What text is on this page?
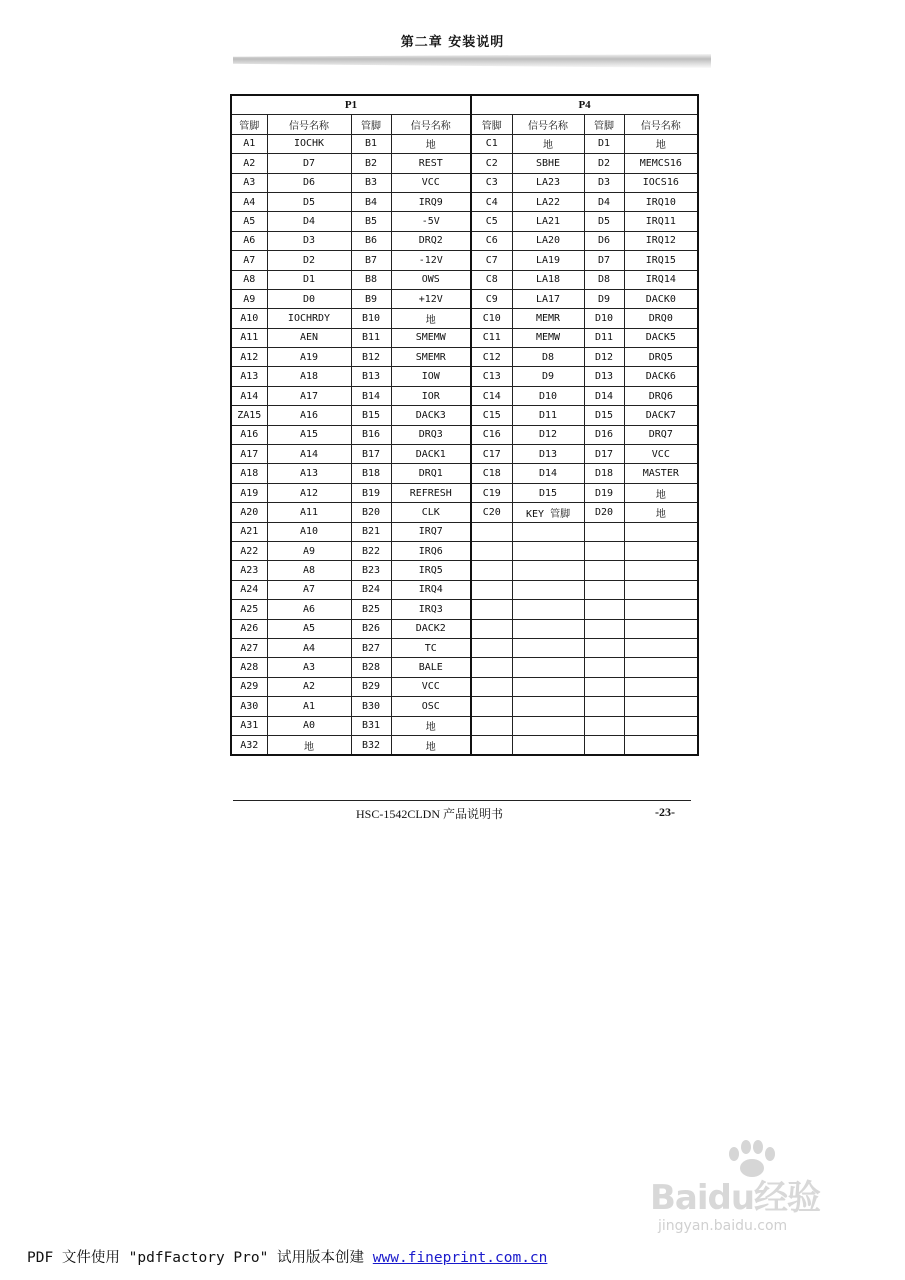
第二章 安装说明
P1				P4			
管脚	信号名称	管脚	信号名称	管脚	信号名称	管脚	信号名称
A1	IOCHK	B1	地	C1	地	D1	地
A2	D7	B2	REST	C2	SBHE	D2	MEMCS16
A3	D6	B3	VCC	C3	LA23	D3	IOCS16
A4	D5	B4	IRQ9	C4	LA22	D4	IRQ10
A5	D4	B5	-5V	C5	LA21	D5	IRQ11
A6	D3	B6	DRQ2	C6	LA20	D6	IRQ12
A7	D2	B7	-12V	C7	LA19	D7	IRQ15
A8	D1	B8	OWS	C8	LA18	D8	IRQ14
A9	D0	B9	+12V	C9	LA17	D9	DACK0
A10	IOCHRDY	B10	地	C10	MEMR	D10	DRQ0
A11	AEN	B11	SMEMW	C11	MEMW	D11	DACK5
A12	A19	B12	SMEMR	C12	D8	D12	DRQ5
A13	A18	B13	IOW	C13	D9	D13	DACK6
A14	A17	B14	IOR	C14	D10	D14	DRQ6
ZA15	A16	B15	DACK3	C15	D11	D15	DACK7
A16	A15	B16	DRQ3	C16	D12	D16	DRQ7
A17	A14	B17	DACK1	C17	D13	D17	VCC
A18	A13	B18	DRQ1	C18	D14	D18	MASTER
A19	A12	B19	REFRESH	C19	D15	D19	地
A20	A11	B20	CLK	C20	KEY 管脚	D20	地
A21	A10	B21	IRQ7				
A22	A9	B22	IRQ6				
A23	A8	B23	IRQ5				
A24	A7	B24	IRQ4				
A25	A6	B25	IRQ3				
A26	A5	B26	DACK2				
A27	A4	B27	TC				
A28	A3	B28	BALE				
A29	A2	B29	VCC				
A30	A1	B30	OSC				
A31	A0	B31	地				
A32	地	B32	地				
HSC-1542CLDN 产品说明书	-23-
Baidu经验
jingyan.baidu.com
PDF 文件使用 "pdfFactory Pro" 试用版本创建 www.fineprint.com.cn
